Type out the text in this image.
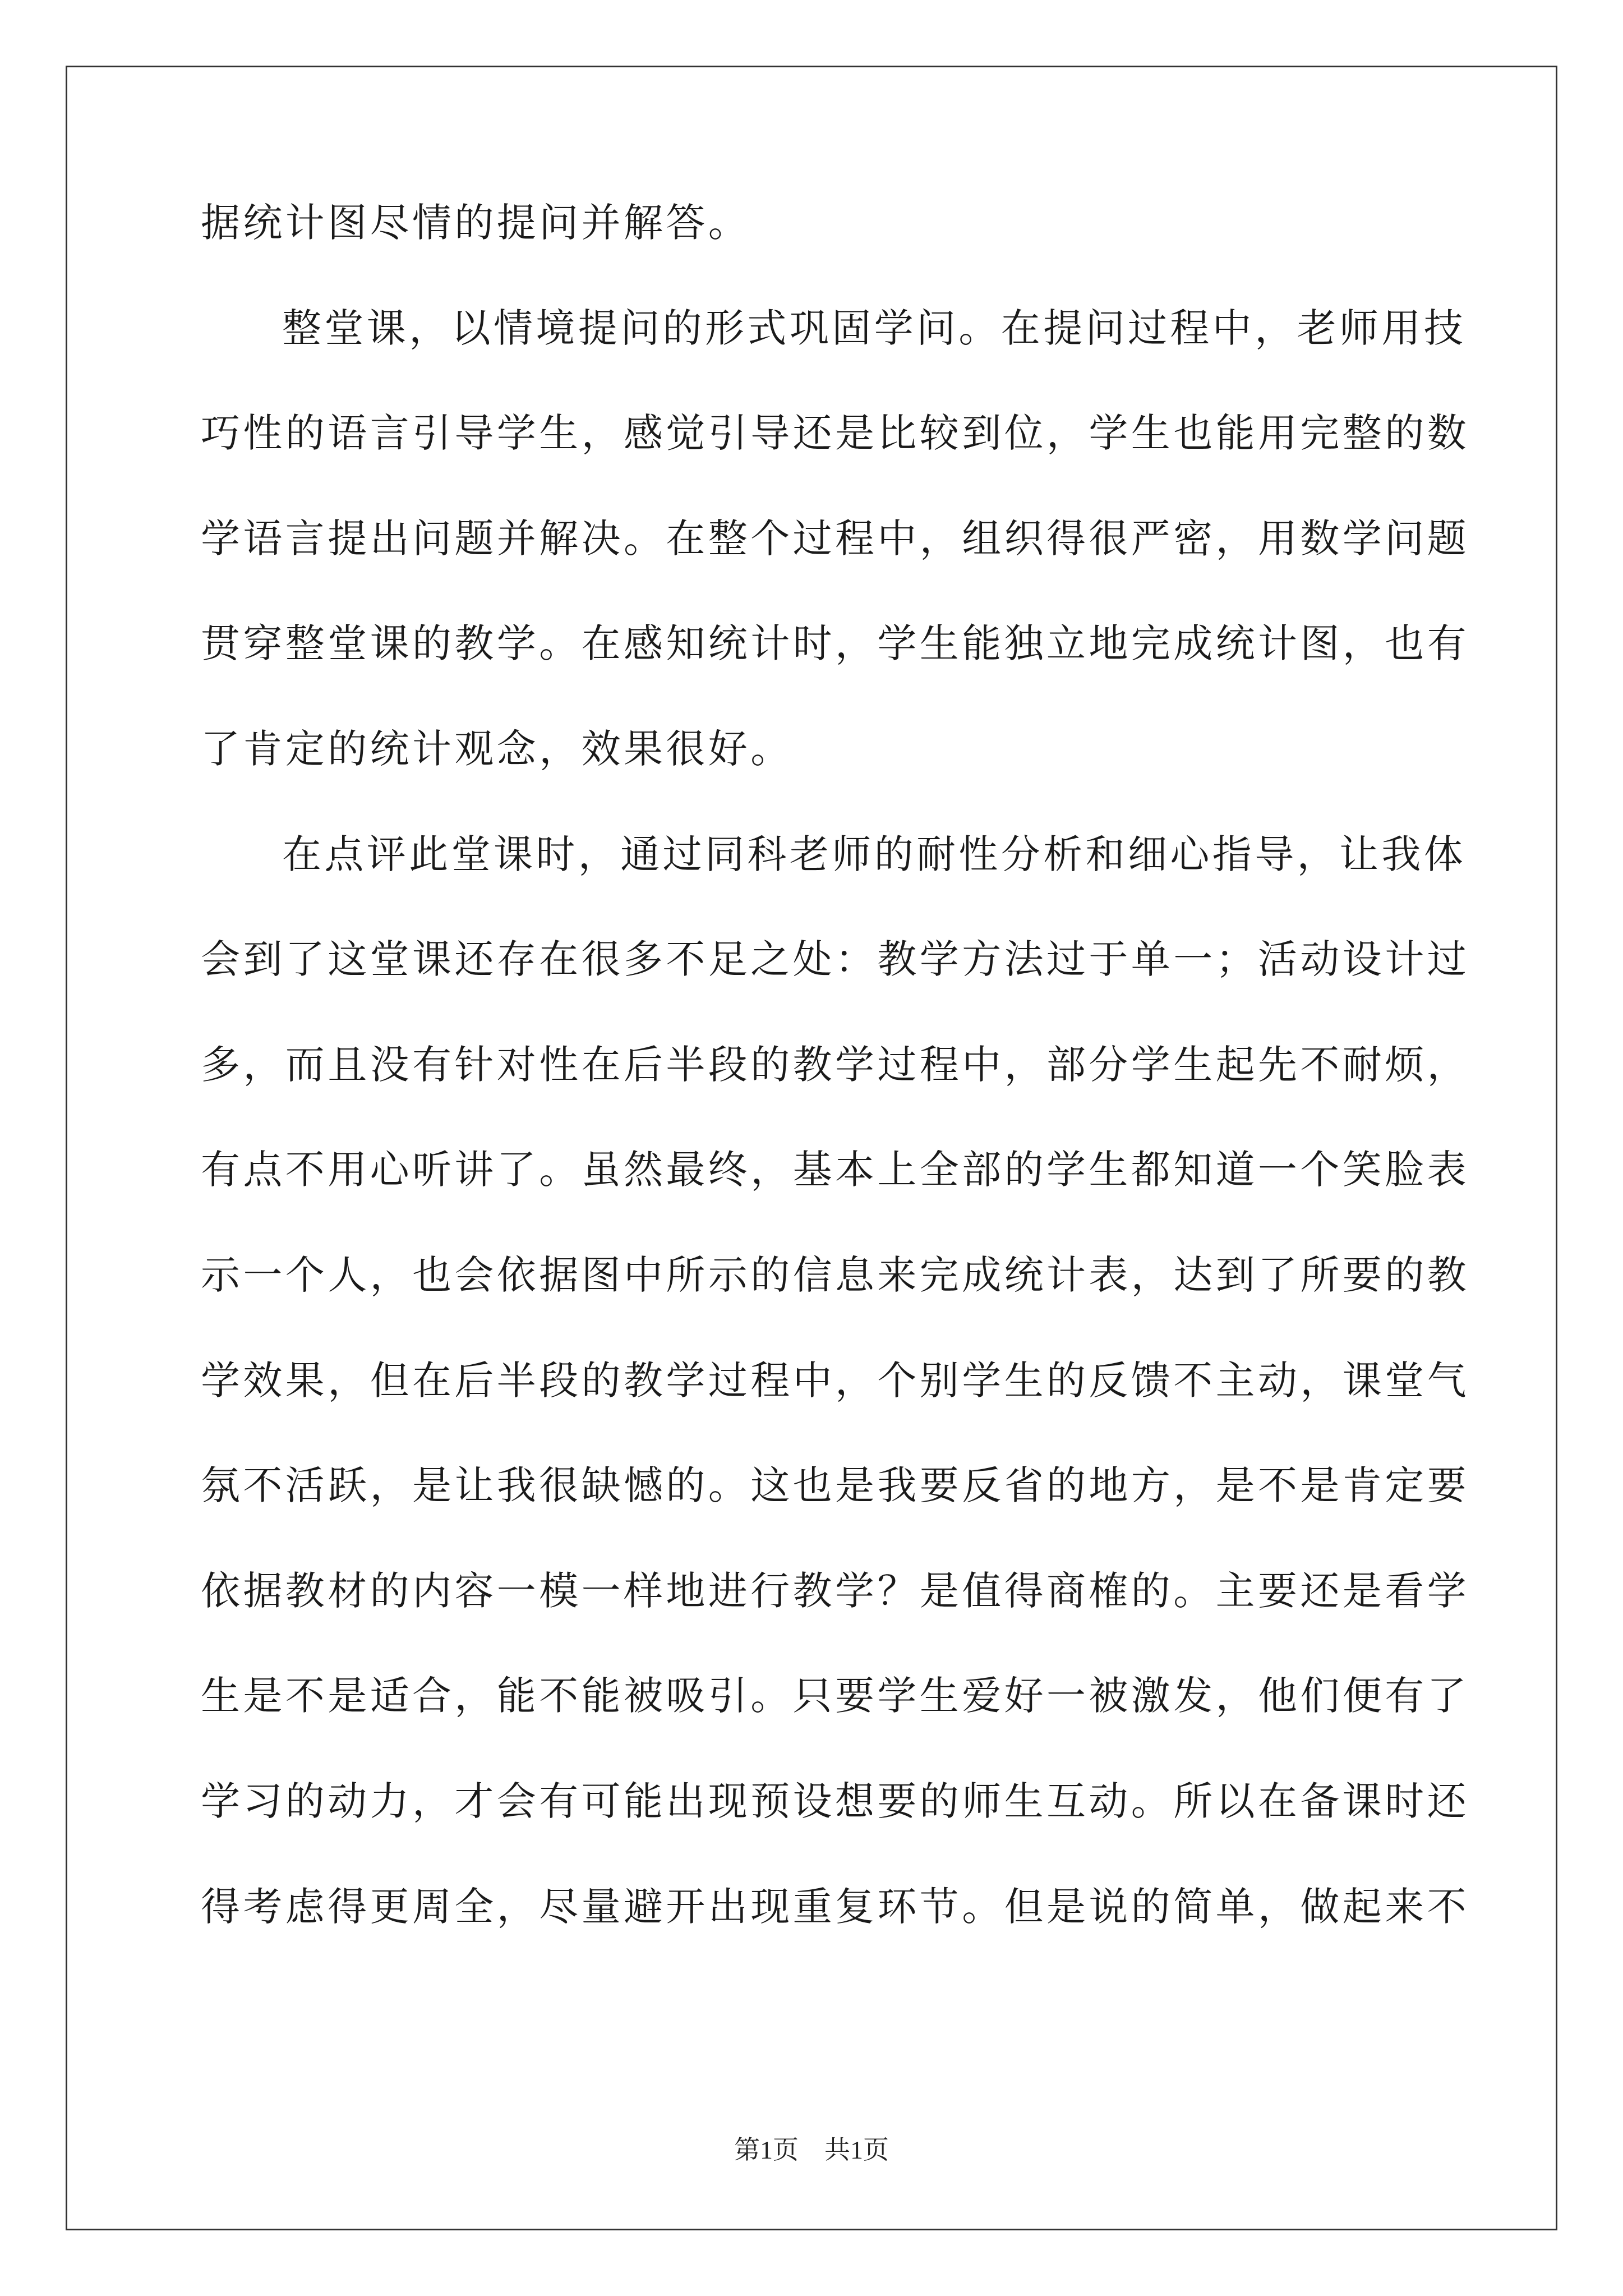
据统计图尽情的提问并解答。
整堂课，以情境提问的形式巩固学问。在提问过程中，老师用技
巧性的语言引导学生，感觉引导还是比较到位，学生也能用完整的数
学语言提出问题并解决。在整个过程中，组织得很严密，用数学问题
贯穿整堂课的教学。在感知统计时，学生能独立地完成统计图，也有
了肯定的统计观念，效果很好。
在点评此堂课时，通过同科老师的耐性分析和细心指导，让我体
会到了这堂课还存在很多不足之处：教学方法过于单一；活动设计过
多，而且没有针对性在后半段的教学过程中，部分学生起先不耐烦，
有点不用心听讲了。虽然最终，基本上全部的学生都知道一个笑脸表
示一个人，也会依据图中所示的信息来完成统计表，达到了所要的教
学效果，但在后半段的教学过程中，个别学生的反馈不主动，课堂气
氛不活跃，是让我很缺憾的。这也是我要反省的地方，是不是肯定要
依据教材的内容一模一样地进行教学？是值得商榷的。主要还是看学
生是不是适合，能不能被吸引。只要学生爱好一被激发，他们便有了
学习的动力，才会有可能出现预设想要的师生互动。所以在备课时还
得考虑得更周全，尽量避开出现重复环节。但是说的简单，做起来不
第1页　共1页
